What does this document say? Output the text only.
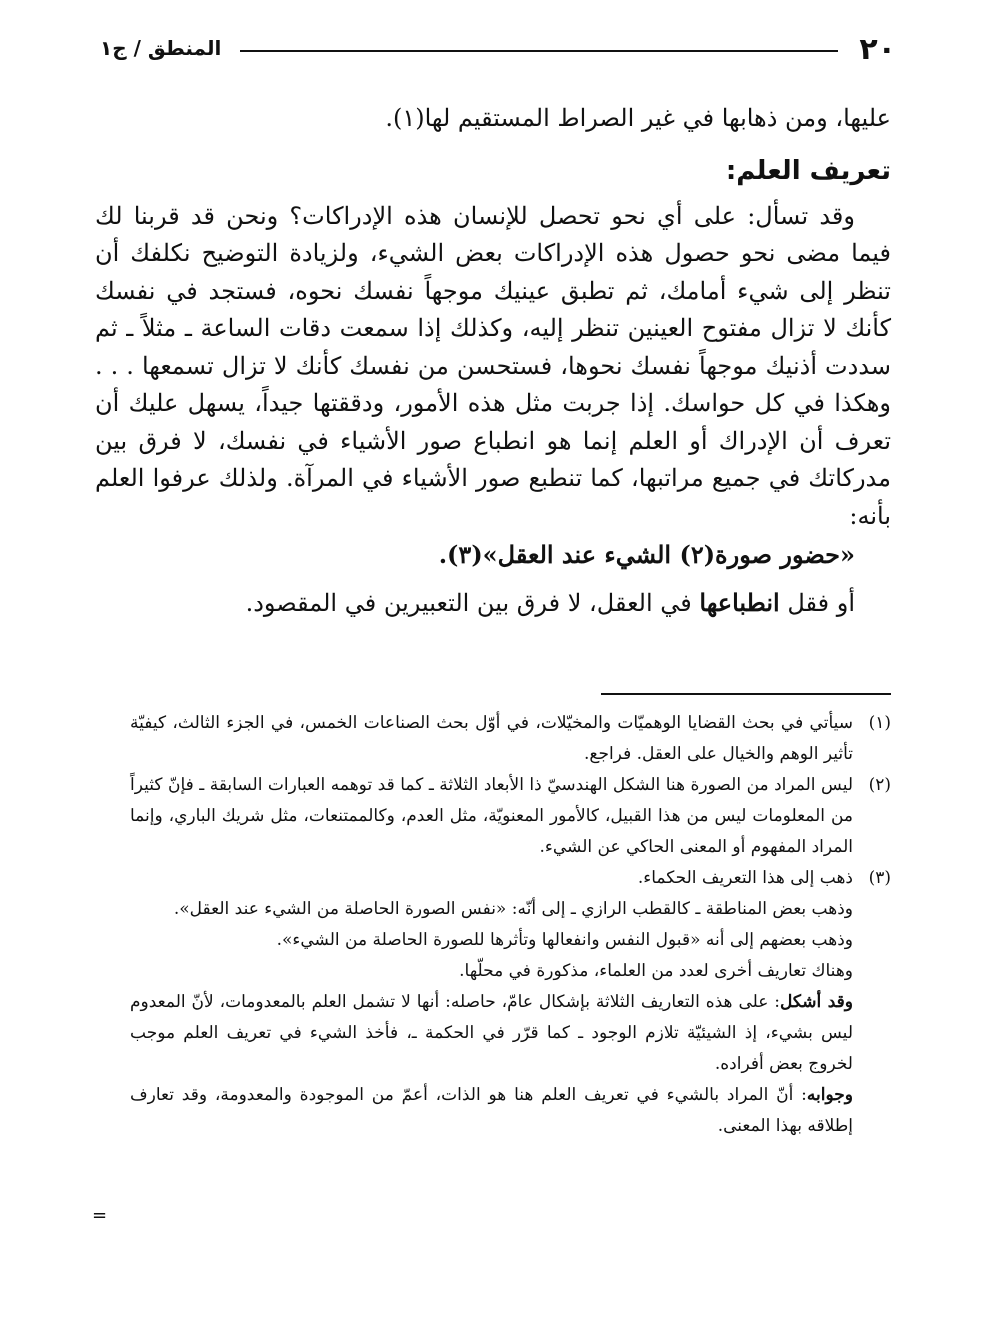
٢٠
المنطق / ج١

عليها، ومن ذهابها في غير الصراط المستقيم لها(١).

تعريف العلم:

وقد تسأل: على أي نحو تحصل للإنسان هذه الإدراكات؟ ونحن قد قربنا لك فيما مضى نحو حصول هذه الإدراكات بعض الشيء، ولزيادة التوضيح نكلفك أن تنظر إلى شيء أمامك، ثم تطبق عينيك موجهاً نفسك نحوه، فستجد في نفسك كأنك لا تزال مفتوح العينين تنظر إليه، وكذلك إذا سمعت دقات الساعة ـ مثلاً ـ ثم سددت أذنيك موجهاً نفسك نحوها، فستحسن من نفسك كأنك لا تزال تسمعها . . . وهكذا في كل حواسك. إذا جربت مثل هذه الأمور، ودققتها جيداً، يسهل عليك أن تعرف أن الإدراك أو العلم إنما هو انطباع صور الأشياء في نفسك، لا فرق بين مدركاتك في جميع مراتبها، كما تنطبع صور الأشياء في المرآة. ولذلك عرفوا العلم بأنه:

«حضور صورة(٢) الشيء عند العقل»(٣).

أو فقل انطباعها في العقل، لا فرق بين التعبيرين في المقصود.

(١)
سيأتي في بحث القضايا الوهميّات والمخيّلات، في أوّل بحث الصناعات الخمس، في الجزء الثالث، كيفيّة تأثير الوهم والخيال على العقل. فراجع.
(٢)
ليس المراد من الصورة هنا الشكل الهندسيّ ذا الأبعاد الثلاثة ـ كما قد توهمه العبارات السابقة ـ فإنّ كثيراً من المعلومات ليس من هذا القبيل، كالأمور المعنويّة، مثل العدم، وكالممتنعات، مثل شريك الباري، وإنما المراد المفهوم أو المعنى الحاكي عن الشيء.
(٣)
ذهب إلى هذا التعريف الحكماء.

وذهب بعض المناطقة ـ كالقطب الرازي ـ إلى أنّه: «نفس الصورة الحاصلة من الشيء عند العقل».

وذهب بعضهم إلى أنه «قبول النفس وانفعالها وتأثرها للصورة الحاصلة من الشيء».

وهناك تعاريف أخرى لعدد من العلماء، مذكورة في محلّها.

وقد أشكل: على هذه التعاريف الثلاثة بإشكال عامّ، حاصله: أنها لا تشمل العلم بالمعدومات، لأنّ المعدوم ليس بشيء، إذ الشيئيّة تلازم الوجود ـ كما قرّر في الحكمة ـ، فأخذ الشيء في تعريف العلم موجب لخروج بعض أفراده.

وجوابه: أنّ المراد بالشيء في تعريف العلم هنا هو الذات، أعمّ من الموجودة والمعدومة، وقد تعارف إطلاقه بهذا المعنى.

=
